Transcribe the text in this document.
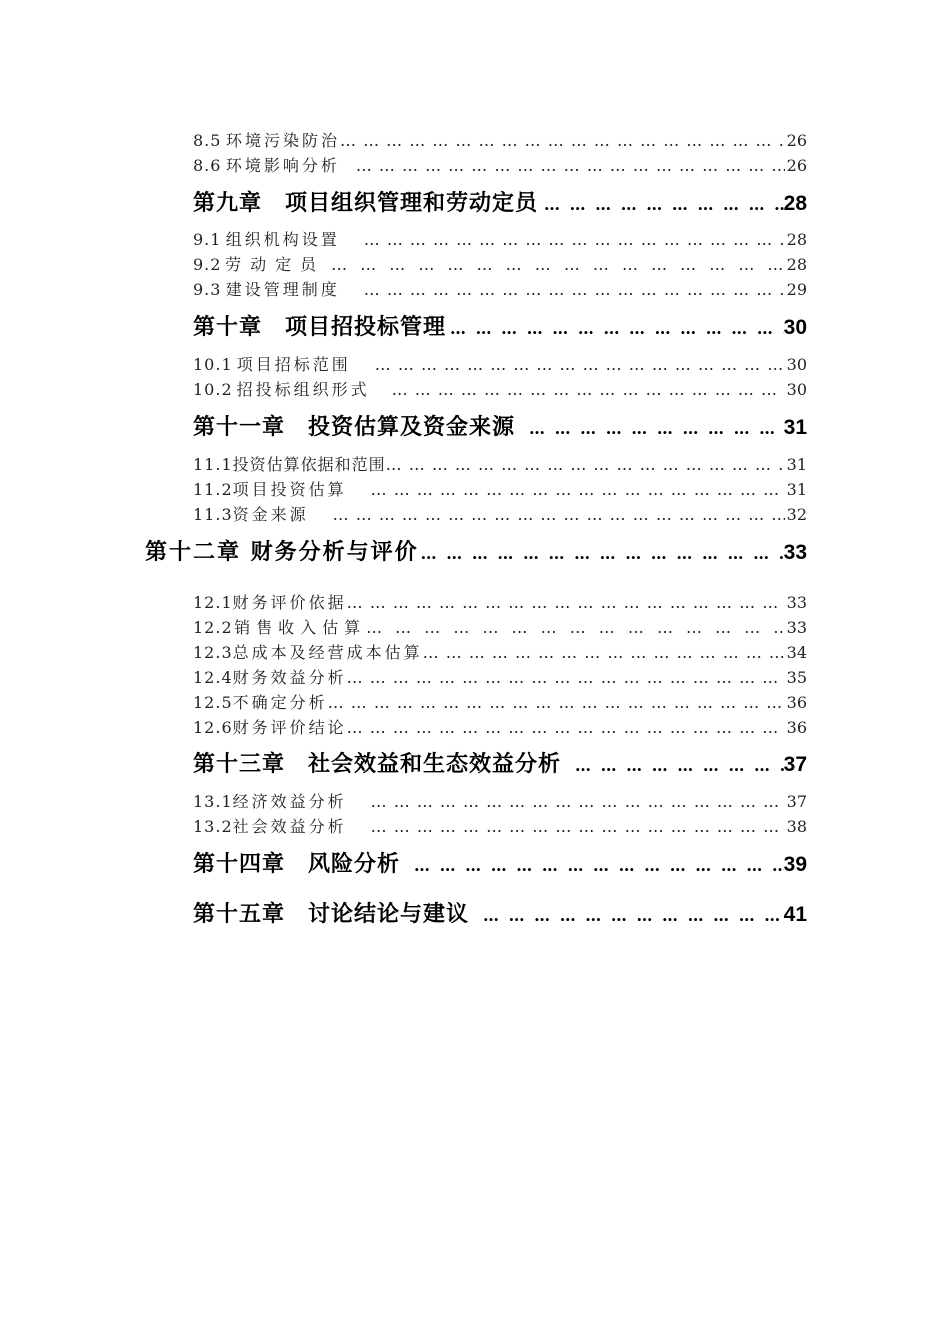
8.5 环境污染防治 … … … … … … … … … … … … … … … … … … … … … … … … … … … … … … … … … … … … … … … … … … … … … … … … … … … … … … … … … … … …	26
8.6 环境影响分析 … … … … … … … … … … … … … … … … … … … … … … … … … … … … … … … … … … … … … … … … … … … … … … … … … … … … … … … … … … … …	26
第九章　项目组织管理和劳动定员 … … … … … … … … … … … … … … … … … … … … … … … … … … … … … … … … … … … … … … … … … … … … … … … … … … … … … … … … … … … …	28
9.1 组织机构设置 … … … … … … … … … … … … … … … … … … … … … … … … … … … … … … … … … … … … … … … … … … … … … … … … … … … … … … … … … … … …	28
9.2 劳动定员 … … … … … … … … … … … … … … … … … … … … … … … … … … … … … … … … … … … … … … … … … … … … … … … … … … … … … … … … … … … …	28
9.3 建设管理制度 … … … … … … … … … … … … … … … … … … … … … … … … … … … … … … … … … … … … … … … … … … … … … … … … … … … … … … … … … … … …	29
第十章　项目招投标管理 … … … … … … … … … … … … … … … … … … … … … … … … … … … … … … … … … … … … … … … … … … … … … … … … … … … … … … … … … … … …	30
10.1 项目招标范围 … … … … … … … … … … … … … … … … … … … … … … … … … … … … … … … … … … … … … … … … … … … … … … … … … … … … … … … … … … … …	30
10.2 招投标组织形式 … … … … … … … … … … … … … … … … … … … … … … … … … … … … … … … … … … … … … … … … … … … … … … … … … … … … … … … … … … … …	30
第十一章　投资估算及资金来源 … … … … … … … … … … … … … … … … … … … … … … … … … … … … … … … … … … … … … … … … … … … … … … … … … … … … … … … … … … … …	31
11.1 投资估算依据和范围 … … … … … … … … … … … … … … … … … … … … … … … … … … … … … … … … … … … … … … … … … … … … … … … … … … … … … … … … … … … …	31
11.2 项目投资估算 … … … … … … … … … … … … … … … … … … … … … … … … … … … … … … … … … … … … … … … … … … … … … … … … … … … … … … … … … … … …	31
11.3 资金来源 … … … … … … … … … … … … … … … … … … … … … … … … … … … … … … … … … … … … … … … … … … … … … … … … … … … … … … … … … … … …	32
第十二章 财务分析与评价 … … … … … … … … … … … … … … … … … … … … … … … … … … … … … … … … … … … … … … … … … … … … … … … … … … … … … … … … … … … …	33
12.1 财务评价依据 … … … … … … … … … … … … … … … … … … … … … … … … … … … … … … … … … … … … … … … … … … … … … … … … … … … … … … … … … … … …	33
12.2 销售收入估算 … … … … … … … … … … … … … … … … … … … … … … … … … … … … … … … … … … … … … … … … … … … … … … … … … … … … … … … … … … … …	33
12.3 总成本及经营成本估算 … … … … … … … … … … … … … … … … … … … … … … … … … … … … … … … … … … … … … … … … … … … … … … … … … … … … … … … … … … … …	34
12.4 财务效益分析 … … … … … … … … … … … … … … … … … … … … … … … … … … … … … … … … … … … … … … … … … … … … … … … … … … … … … … … … … … … …	35
12.5 不确定分析 … … … … … … … … … … … … … … … … … … … … … … … … … … … … … … … … … … … … … … … … … … … … … … … … … … … … … … … … … … … …	36
12.6 财务评价结论 … … … … … … … … … … … … … … … … … … … … … … … … … … … … … … … … … … … … … … … … … … … … … … … … … … … … … … … … … … … …	36
第十三章　社会效益和生态效益分析 … … … … … … … … … … … … … … … … … … … … … … … … … … … … … … … … … … … … … … … … … … … … … … … … … … … … … … … … … … … …	37
13.1 经济效益分析 … … … … … … … … … … … … … … … … … … … … … … … … … … … … … … … … … … … … … … … … … … … … … … … … … … … … … … … … … … … …	37
13.2 社会效益分析 … … … … … … … … … … … … … … … … … … … … … … … … … … … … … … … … … … … … … … … … … … … … … … … … … … … … … … … … … … … …	38
第十四章　风险分析 … … … … … … … … … … … … … … … … … … … … … … … … … … … … … … … … … … … … … … … … … … … … … … … … … … … … … … … … … … … …	39
第十五章　讨论结论与建议 … … … … … … … … … … … … … … … … … … … … … … … … … … … … … … … … … … … … … … … … … … … … … … … … … … … … … … … … … … … …	41
